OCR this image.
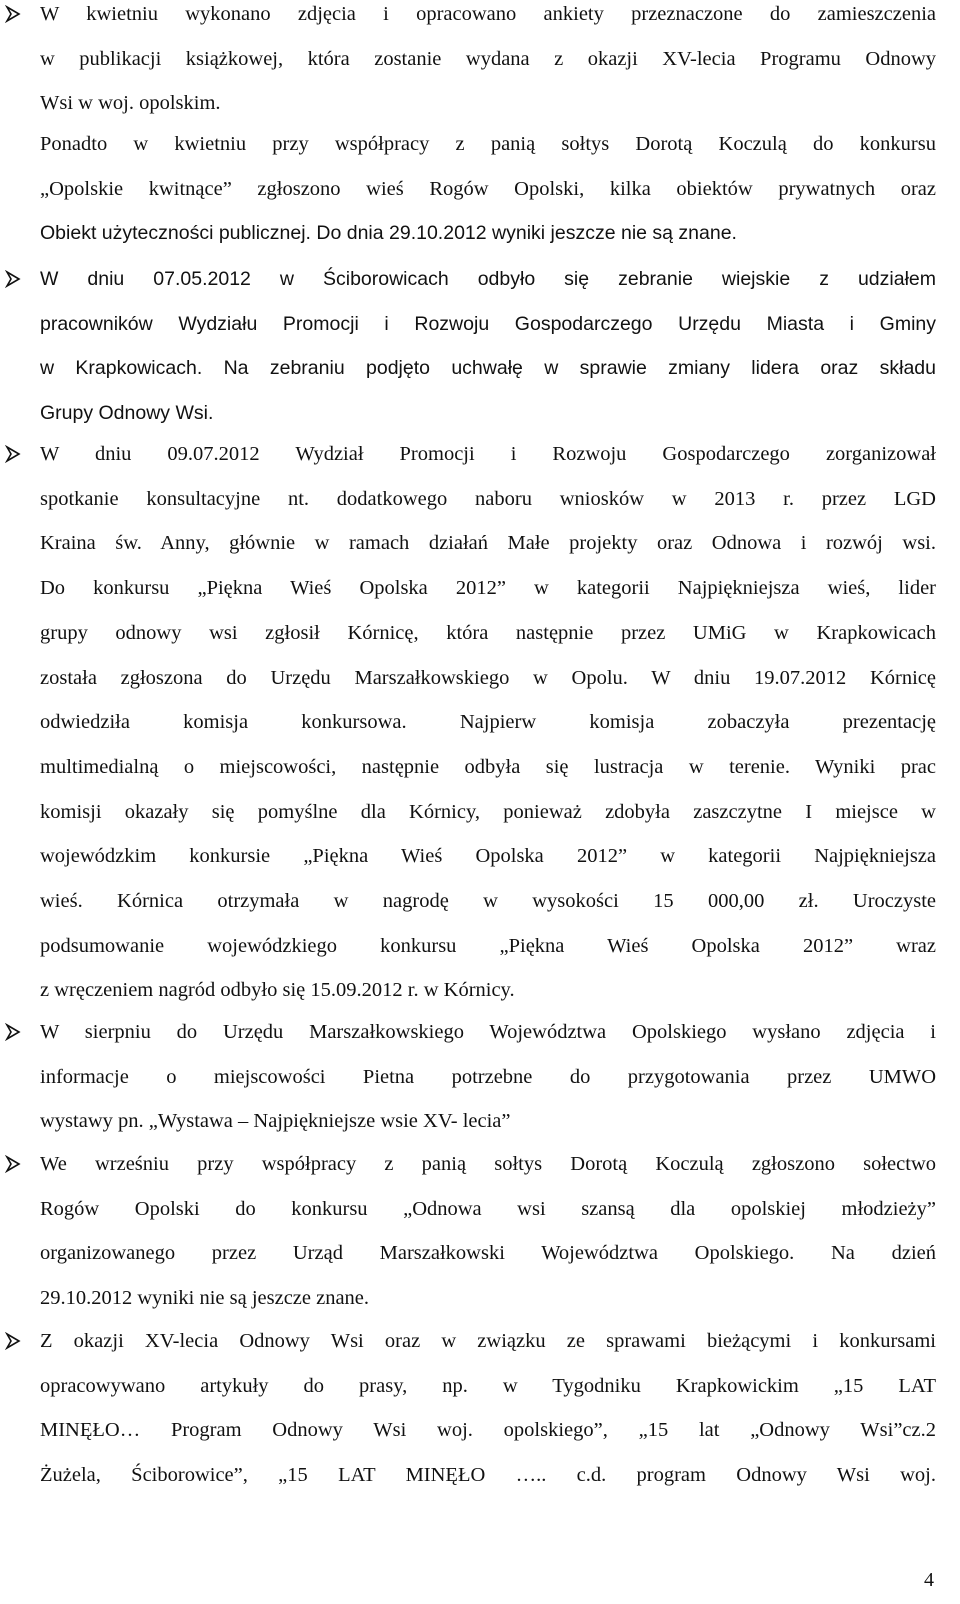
W kwietniu wykonano zdjęcia i opracowano ankiety przeznaczone do zamieszczenia
w publikacji książkowej, która zostanie wydana z okazji XV-lecia Programu Odnowy
Wsi w woj. opolskim.
Ponadto w kwietniu przy współpracy z panią sołtys Dorotą Koczulą do konkursu
„Opolskie kwitnące” zgłoszono wieś Rogów Opolski, kilka obiektów prywatnych oraz
Obiekt użyteczności publicznej. Do dnia 29.10.2012 wyniki jeszcze nie są znane.
W dniu 07.05.2012 w Ściborowicach odbyło się zebranie wiejskie z udziałem
pracowników Wydziału Promocji i Rozwoju Gospodarczego Urzędu Miasta i Gminy
w Krapkowicach. Na zebraniu podjęto uchwałę w sprawie zmiany lidera oraz składu
Grupy Odnowy Wsi.
W dniu 09.07.2012 Wydział Promocji i Rozwoju Gospodarczego zorganizował
spotkanie konsultacyjne nt. dodatkowego naboru wniosków w 2013 r. przez LGD
Kraina św. Anny, głównie w ramach działań Małe projekty oraz Odnowa i rozwój wsi.
Do konkursu „Piękna Wieś Opolska 2012” w kategorii Najpiękniejsza wieś, lider
grupy odnowy wsi zgłosił Kórnicę, która następnie przez UMiG w Krapkowicach
została zgłoszona do Urzędu Marszałkowskiego w Opolu. W dniu 19.07.2012 Kórnicę
odwiedziła komisja konkursowa. Najpierw komisja zobaczyła prezentację
multimedialną o miejscowości, następnie odbyła się lustracja w terenie. Wyniki prac
komisji okazały się pomyślne dla Kórnicy, ponieważ zdobyła zaszczytne I miejsce w
wojewódzkim konkursie „Piękna Wieś Opolska 2012” w kategorii Najpiękniejsza
wieś. Kórnica otrzymała w nagrodę w wysokości 15 000,00 zł. Uroczyste
podsumowanie wojewódzkiego konkursu „Piękna Wieś Opolska 2012” wraz
z wręczeniem nagród odbyło się 15.09.2012 r. w Kórnicy.
W sierpniu do Urzędu Marszałkowskiego Województwa Opolskiego wysłano zdjęcia i
informacje o miejscowości Pietna potrzebne do przygotowania przez UMWO
wystawy pn. „Wystawa – Najpiękniejsze wsie XV- lecia”
We wrześniu przy współpracy z panią sołtys Dorotą Koczulą zgłoszono sołectwo
Rogów Opolski do konkursu „Odnowa wsi szansą dla opolskiej młodzieży”
organizowanego przez Urząd Marszałkowski Województwa Opolskiego. Na dzień
29.10.2012 wyniki nie są jeszcze znane.
Z okazji XV-lecia Odnowy Wsi oraz w związku ze sprawami bieżącymi i konkursami
opracowywano artykuły do prasy, np. w Tygodniku Krapkowickim „15 LAT
MINĘŁO… Program Odnowy Wsi woj. opolskiego”, „15 lat „Odnowy Wsi”cz.2
Żużela, Ściborowice”, „15 LAT MINĘŁO ….. c.d. program Odnowy Wsi woj.
4
